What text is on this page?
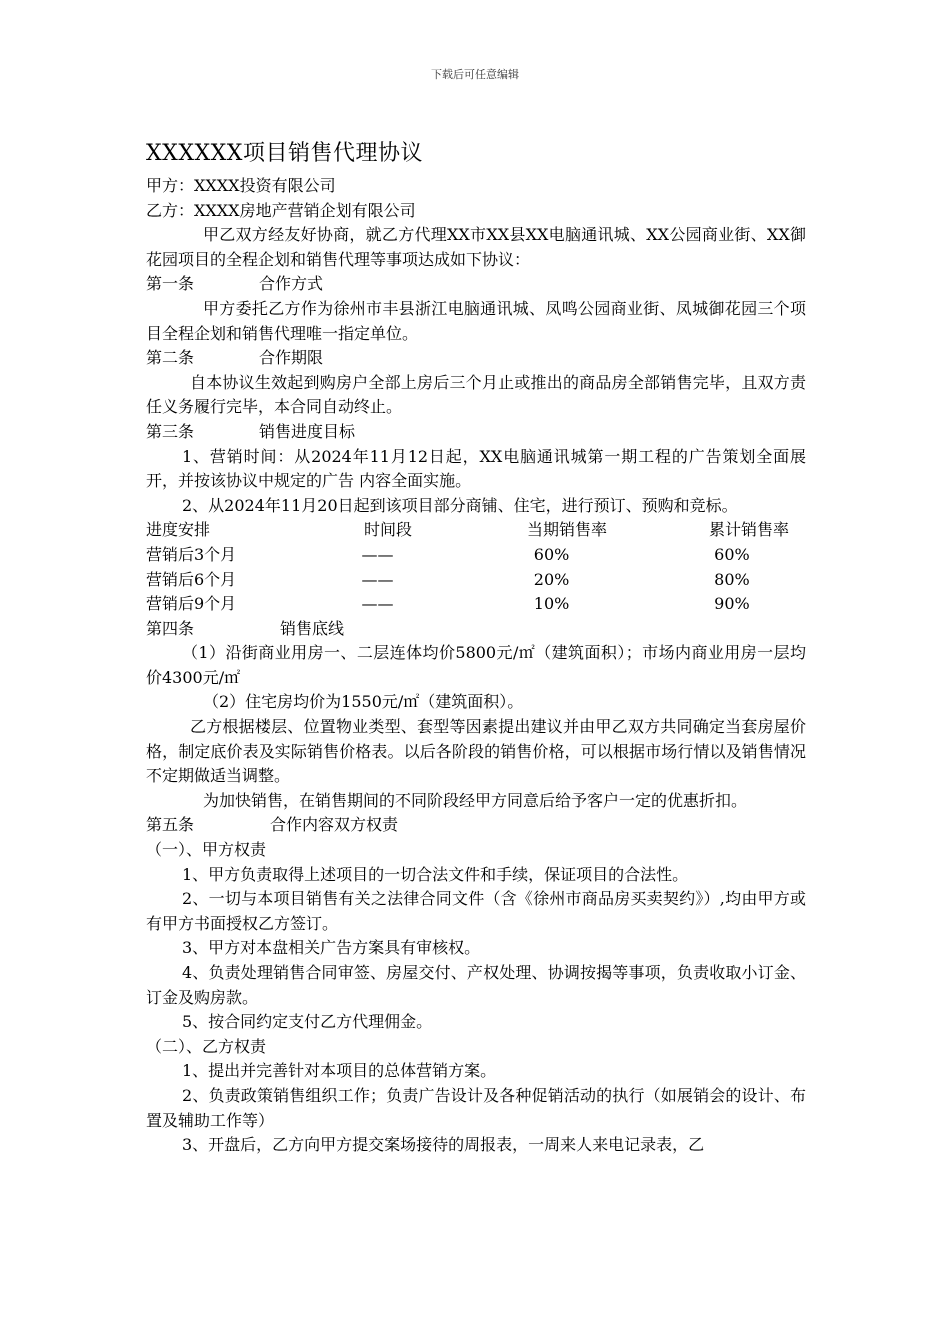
下载后可任意编辑
XXXXXX项目销售代理协议

甲方：XXXX投资有限公司

乙方：XXXX房地产营销企划有限公司

甲乙双方经友好协商，就乙方代理XX市XX县XX电脑通讯城、XX公园商业街、XX御花园项目的全程企划和销售代理等事项达成如下协议：

第一条	合作方式

甲方委托乙方作为徐州市丰县浙江电脑通讯城、凤鸣公园商业街、凤城御花园三个项目全程企划和销售代理唯一指定单位。

第二条	合作期限

自本协议生效起到购房户全部上房后三个月止或推出的商品房全部销售完毕，且双方责任义务履行完毕，本合同自动终止。

第三条	销售进度目标

1、营销时间：从2024年11月12日起，XX电脑通讯城第一期工程的广告策划全面展开，并按该协议中规定的广告 内容全面实施。

2、从2024年11月20日起到该项目部分商铺、住宅，进行预订、预购和竞标。

进度安排	时间段	当期销售率	累计销售率
营销后3个月	——	60%	60%
营销后6个月	——	20%	80%
营销后9个月	——	10%	90%

第四条	销售底线

（1）沿街商业用房一、二层连体均价5800元/㎡（建筑面积）；市场内商业用房一层均价4300元/㎡

（2）住宅房均价为1550元/㎡（建筑面积）。

乙方根据楼层、位置物业类型、套型等因素提出建议并由甲乙双方共同确定当套房屋价格，制定底价表及实际销售价格表。以后各阶段的销售价格，可以根据市场行情以及销售情况不定期做适当调整。

为加快销售，在销售期间的不同阶段经甲方同意后给予客户一定的优惠折扣。

第五条	合作内容双方权责

（一）、甲方权责

1、甲方负责取得上述项目的一切合法文件和手续，保证项目的合法性。

2、一切与本项目销售有关之法律合同文件（含《徐州市商品房买卖契约》）,均由甲方或有甲方书面授权乙方签订。

3、甲方对本盘相关广告方案具有审核权。

4、负责处理销售合同审签、房屋交付、产权处理、协调按揭等事项，负责收取小订金、订金及购房款。

5、按合同约定支付乙方代理佣金。

（二）、乙方权责

1、提出并完善针对本项目的总体营销方案。

2、负责政策销售组织工作；负责广告设计及各种促销活动的执行（如展销会的设计、布置及辅助工作等）

3、开盘后，乙方向甲方提交案场接待的周报表，一周来人来电记录表，乙
